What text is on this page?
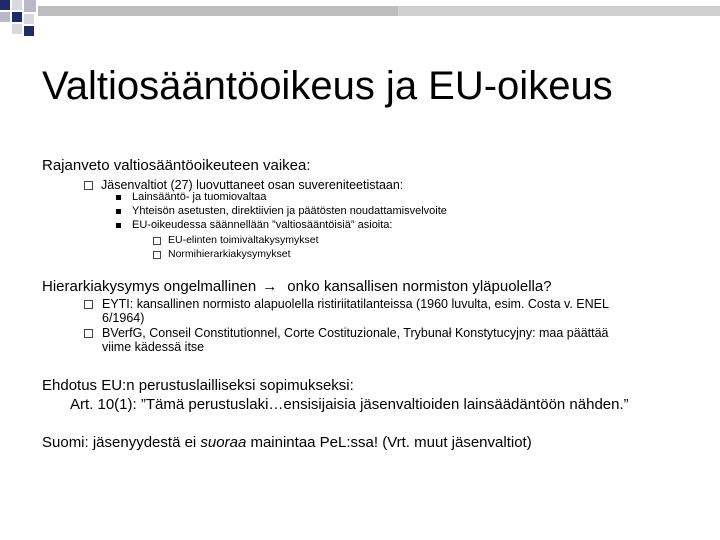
Valtiosääntöoikeus ja EU-oikeus
Rajanveto valtiosääntöoikeuteen vaikea:
Jäsenvaltiot (27) luovuttaneet osan suvereniteetistaan:
Lainsääntö- ja tuomiovaltaa
Yhteisön asetusten, direktiivien ja päätösten noudattamisvelvoite
EU-oikeudessa säännellään ”valtiosääntöisiä” asioita:
EU-elinten toimivaltakysymykset
Normihierarkiakysymykset
Hierarkiakysymys ongelmallinen → onko kansallisen normiston yläpuolella?
EYTI: kansallinen normisto alapuolella ristiriitatilanteissa (1960 luvulta, esim. Costa v. ENEL
6/1964)
BVerfG, Conseil Constitutionnel, Corte Costituzionale, Trybunał Konstytucyjny: maa päättää
viime kädessä itse
Ehdotus EU:n perustuslailliseksi sopimukseksi:
Art. 10(1): ”Tämä perustuslaki…ensisijaisia jäsenvaltioiden lainsäädäntöön nähden.”
Suomi: jäsenyydestä ei suoraa mainintaa PeL:ssa! (Vrt. muut jäsenvaltiot)
